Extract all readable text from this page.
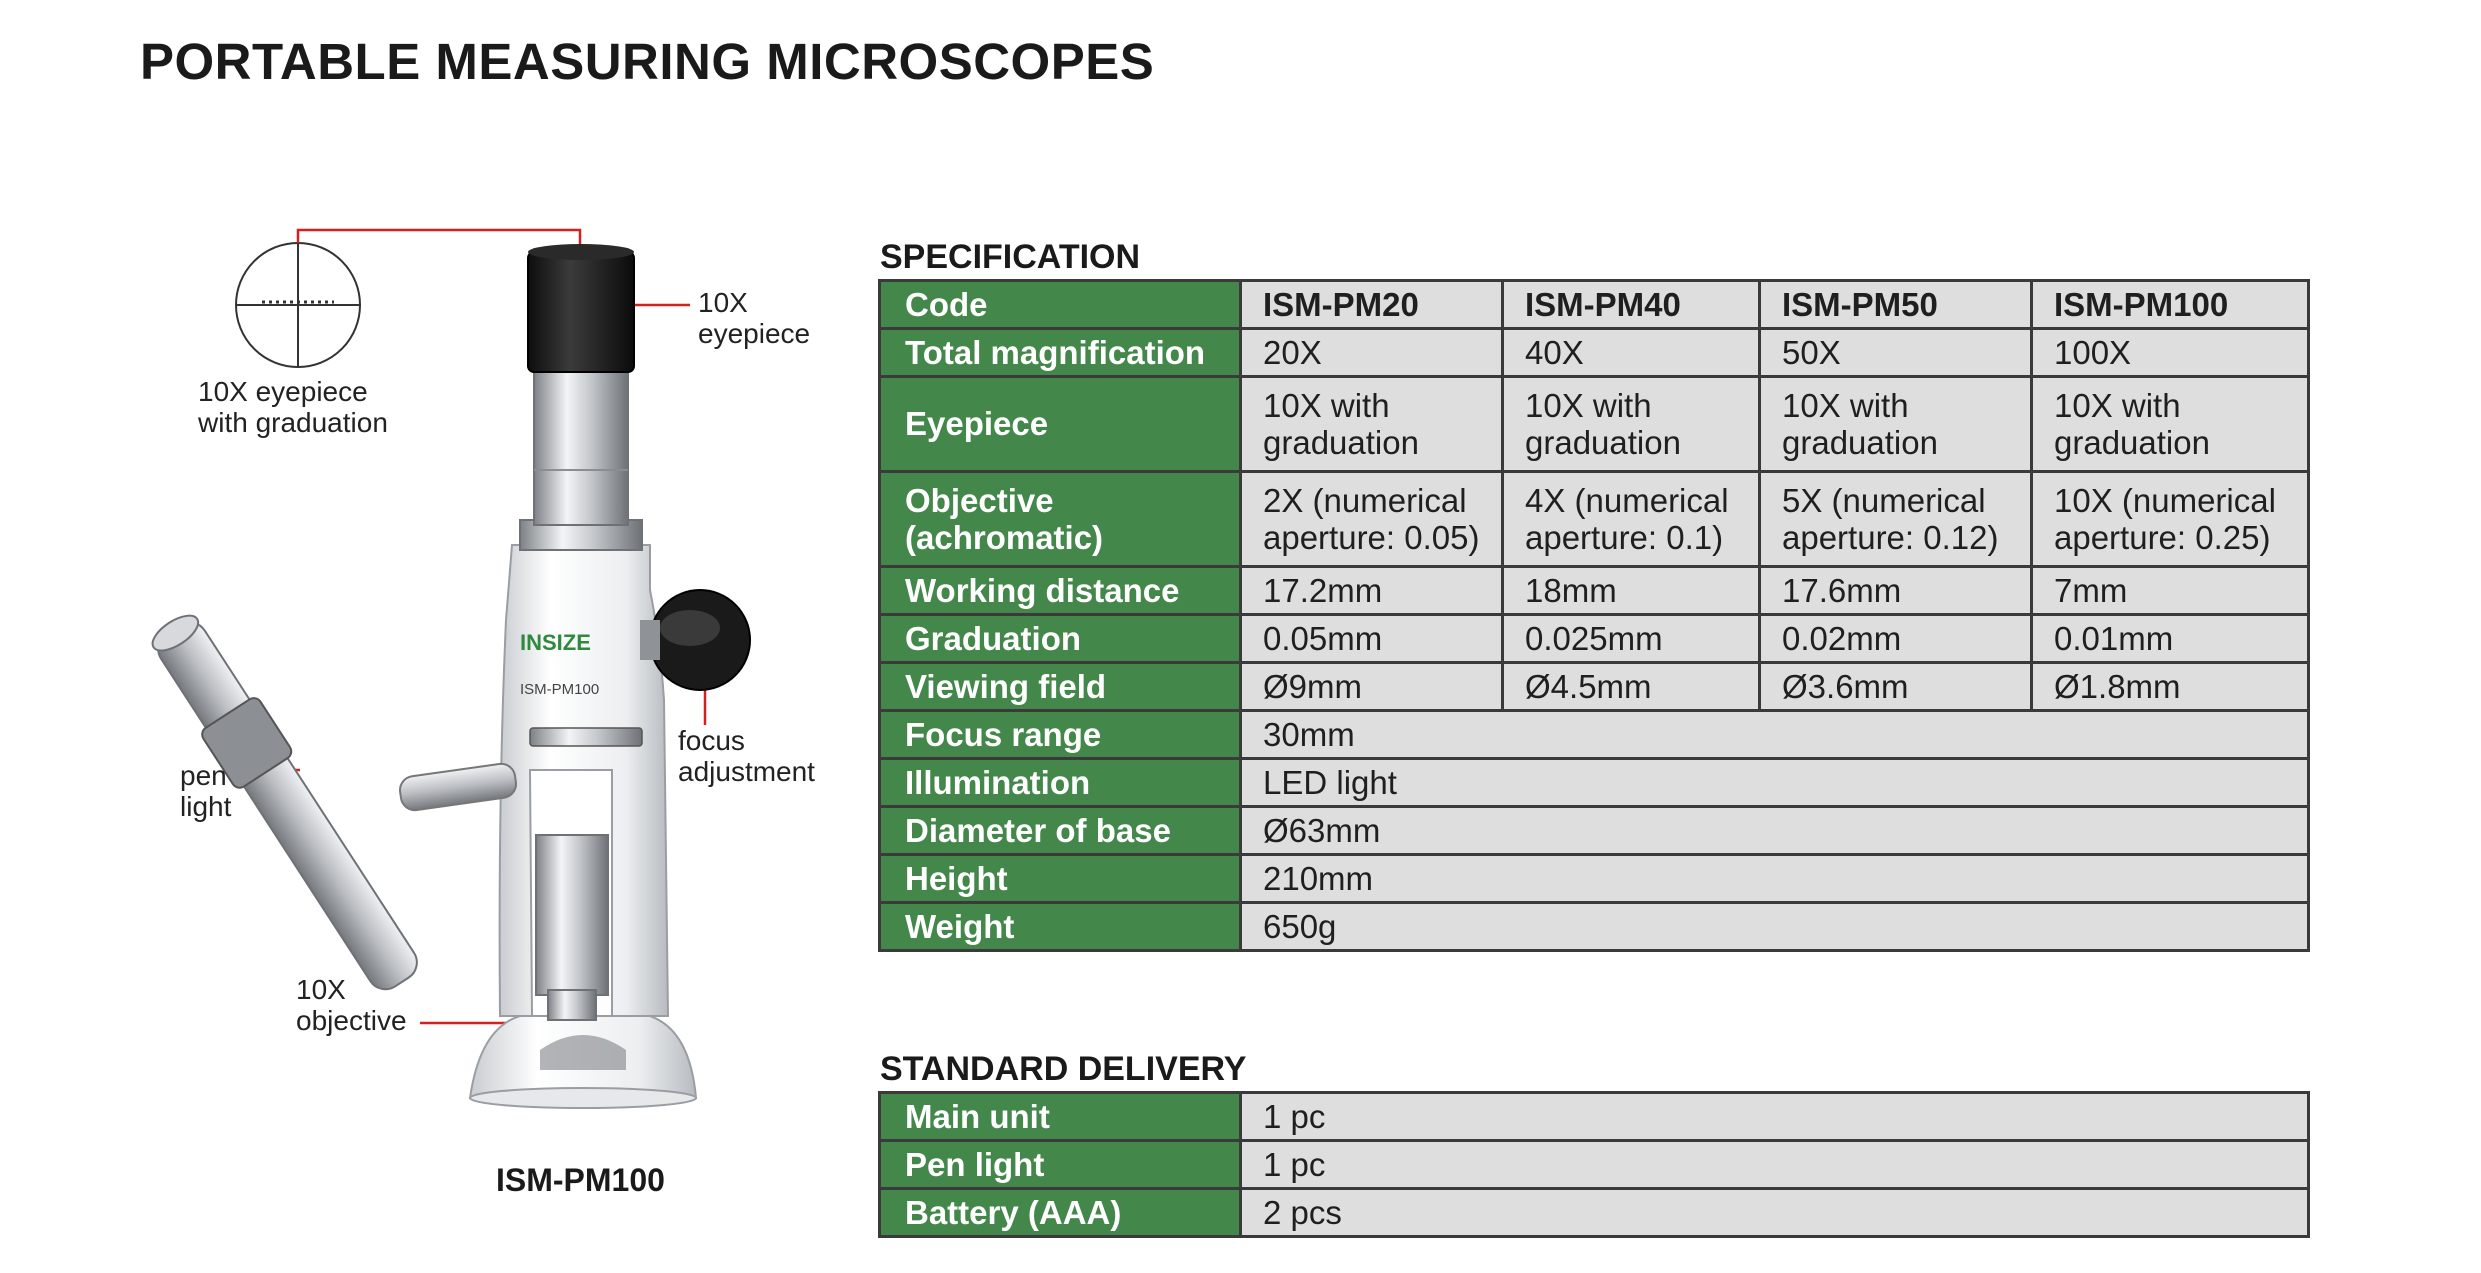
PORTABLE MEASURING MICROSCOPES
INSIZE
ISM-PM100
10X eyepiece
with graduation
10X
eyepiece
focus
adjustment
pen
light
10X
objective
ISM-PM100
SPECIFICATION
Code	ISM-PM20	ISM-PM40	ISM-PM50	ISM-PM100
Total magnification	20X	40X	50X	100X
Eyepiece	10X with graduation	10X with graduation	10X with graduation	10X with graduation
Objective (achromatic)	2X (numerical aperture: 0.05)	4X (numerical aperture: 0.1)	5X (numerical aperture: 0.12)	10X (numerical aperture: 0.25)
Working distance	17.2mm	18mm	17.6mm	7mm
Graduation	0.05mm	0.025mm	0.02mm	0.01mm
Viewing field	Ø9mm	Ø4.5mm	Ø3.6mm	Ø1.8mm
Focus range	30mm			
Illumination	LED light			
Diameter of base	Ø63mm			
Height	210mm			
Weight	650g			
STANDARD DELIVERY
Main unit	1 pc
Pen light	1 pc
Battery (AAA)	2 pcs
